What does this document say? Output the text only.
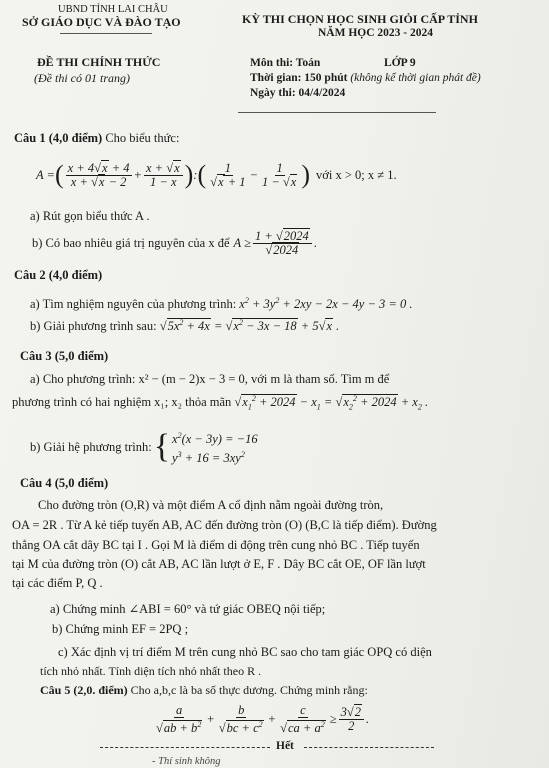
UBND TỈNH LAI CHÂU
SỞ GIÁO DỤC VÀ ĐÀO TẠO	KỲ THI CHỌN HỌC SINH GIỎI CẤP TỈNH
NĂM HỌC 2023 - 2024
ĐỀ THI CHÍNH THỨC
(Đề thi có 01 trang)
Môn thi: Toán	LỚP 9
Thời gian: 150 phút (không kể thời gian phát đề)
Ngày thi: 04/4/2024
Câu 1 (4,0 điểm) Cho biểu thức:
A = ( $\frac{x + 4√ x + 4}{x + √ x - 2} + \frac{x + √ x}{1 - x}$ ) : ( 1
√ $x + 1 - \frac{1}{1 - √ x}$ ) với x > 0; x ≠ 1.
a) Rút gọn biểu thức A .
b) Có bao nhiêu giá trị nguyên của x để A ≥ 1 + √ 2024
√ 2024 .
Câu 2 (4,0 điểm)
a) Tìm nghiệm nguyên của phương trình: $x^2 + 3y^2 + 2xy - 2x - 4y - 3 = 0$ .
b) Giải phương trình sau: √ $5x^2 + 4x$ = √ $x^2 - 3x - 18 + 5√$ x .
Câu 3 (5,0 điểm)
a) Cho phương trình: x² − (m − 2)x − 3 = 0, với m là tham số. Tìm m để
phương trình có hai nghiệm x₁; x₂ thỏa mãn √ $x_1^2 + 2024 - x_1$ = √ $x_2^2 + 2024 + x_2$ .
b) Giải hệ phương trình: { $x^2(x - 3y) = -16$
$y^3 + 16 = 3xy^2$
Câu 4 (5,0 điểm)
Cho đường tròn (O,R) và một điểm A cố định nằm ngoài đường tròn,
OA = 2R . Từ A kẻ tiếp tuyến AB, AC đến đường tròn (O) (B,C là tiếp điểm). Đường
thẳng OA cắt dây BC tại I . Gọi M là điểm di động trên cung nhỏ BC . Tiếp tuyến
tại M của đường tròn (O) cắt AB, AC lần lượt ở E, F . Dây BC cắt OE, OF lần lượt
tại các điểm P, Q .
a) Chứng minh ∠ABI = 60° và tứ giác OBEQ nội tiếp;
b) Chứng minh EF = 2PQ ;
c) Xác định vị trí điểm M trên cung nhỏ BC sao cho tam giác OPQ có diện
tích nhỏ nhất. Tính diện tích nhỏ nhất theo R .
Câu 5 (2,0. điểm) Cho a,b,c là ba số thực dương. Chứng minh rằng:
a
√ ab + $b^2 + b$
√ bc + $c^2 + c$
√ ca + $a^2 \ge \frac{3√ 2}{2}$ .
Hết
- Thí sinh không
